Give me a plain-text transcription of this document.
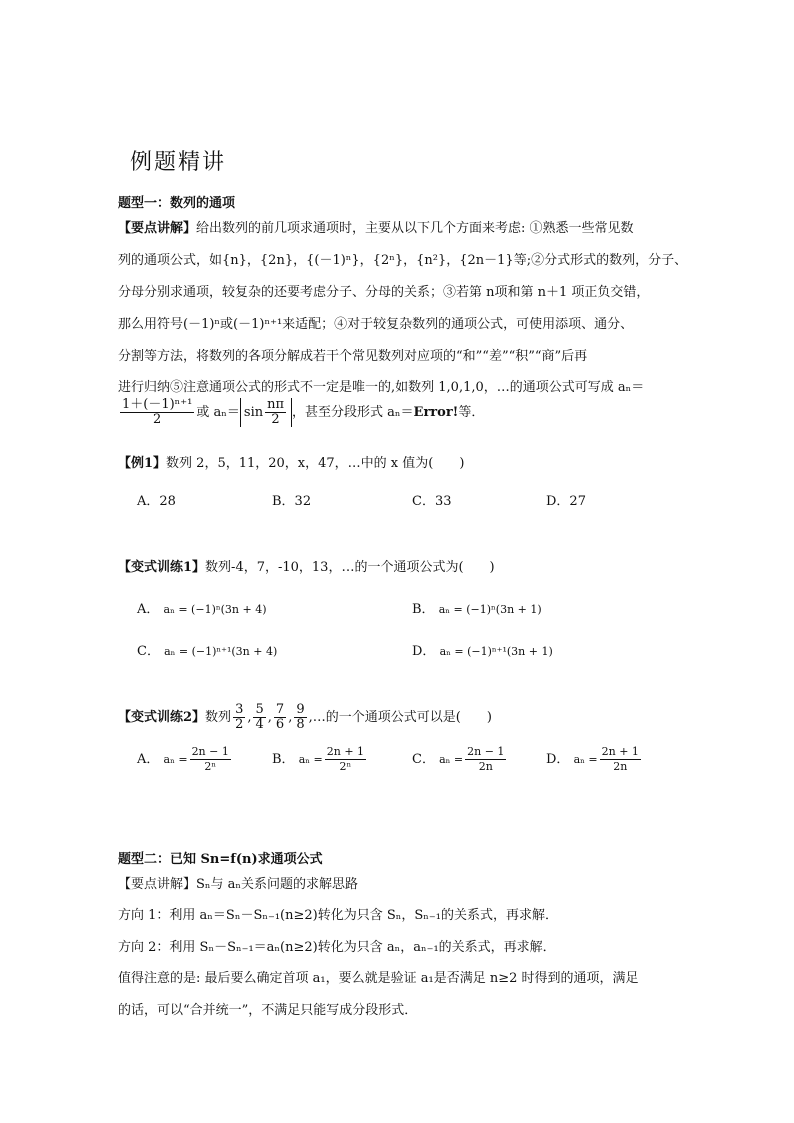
例题精讲
题型一：数列的通项
【要点讲解】给出数列的前几项求通项时，主要从以下几个方面来考虑: ①熟悉一些常见数
列的通项公式，如{n}，{2n}，{(－1)ⁿ}，{2ⁿ}，{n²}，{2n－1}等;②分式形式的数列，分子、
分母分别求通项，较复杂的还要考虑分子、分母的关系；③若第 n项和第 n＋1 项正负交错，
那么用符号(－1)ⁿ或(－1)ⁿ⁺¹来适配；④对于较复杂数列的通项公式，可使用添项、通分、
分割等方法，将数列的各项分解成若干个常见数列对应项的“和”“差”“积”“商”后再
进行归纳⑤注意通项公式的形式不一定是唯一的,如数列 1,0,1,0，…的通项公式可写成 aₙ＝
$\frac{\text{1＋(－1)ⁿ⁺¹}}{2}$ 或 $a_n= \sin \frac{n\pi}{2}$ ，甚至分段形式 aₙ＝Error!等．
【例1】数列 2，5，11，20，x，47，…中的 x 值为(　　)
A．28	B．32	C．33	D．27
【变式训练1】数列-4，7，-10，13，…的一个通项公式为(　　)
A． aₙ = (−1)ⁿ(3n + 4)	B． aₙ = (−1)ⁿ(3n + 1)
C． aₙ = (−1)ⁿ⁺¹(3n + 4)	D． aₙ = (−1)ⁿ⁺¹(3n + 1)
【变式训练2】数列 $\frac{3}{2}$ , $\frac{5}{4}$ , $\frac{7}{6}$ , $\frac{9}{8}$ ,…的一个通项公式可以是(　　)
A． $a_n = \frac{2n - 1}{\text{2ⁿ}}$	B． $a_n = \frac{2n + 1}{\text{2ⁿ}}$	C． $a_n = \frac{2n - 1}{2n}$	D． $a_n = \frac{2n + 1}{2n}$
题型二：已知 Sn=f(n)求通项公式
【要点讲解】Sₙ与 aₙ关系问题的求解思路
方向 1：利用 aₙ＝Sₙ－Sₙ₋₁(n≥2)转化为只含 Sₙ，Sₙ₋₁的关系式，再求解．
方向 2：利用 Sₙ－Sₙ₋₁＝aₙ(n≥2)转化为只含 aₙ，aₙ₋₁的关系式，再求解．
值得注意的是: 最后要么确定首项 a₁，要么就是验证 a₁是否满足 n≥2 时得到的通项，满足
的话，可以“合并统一”，不满足只能写成分段形式．
